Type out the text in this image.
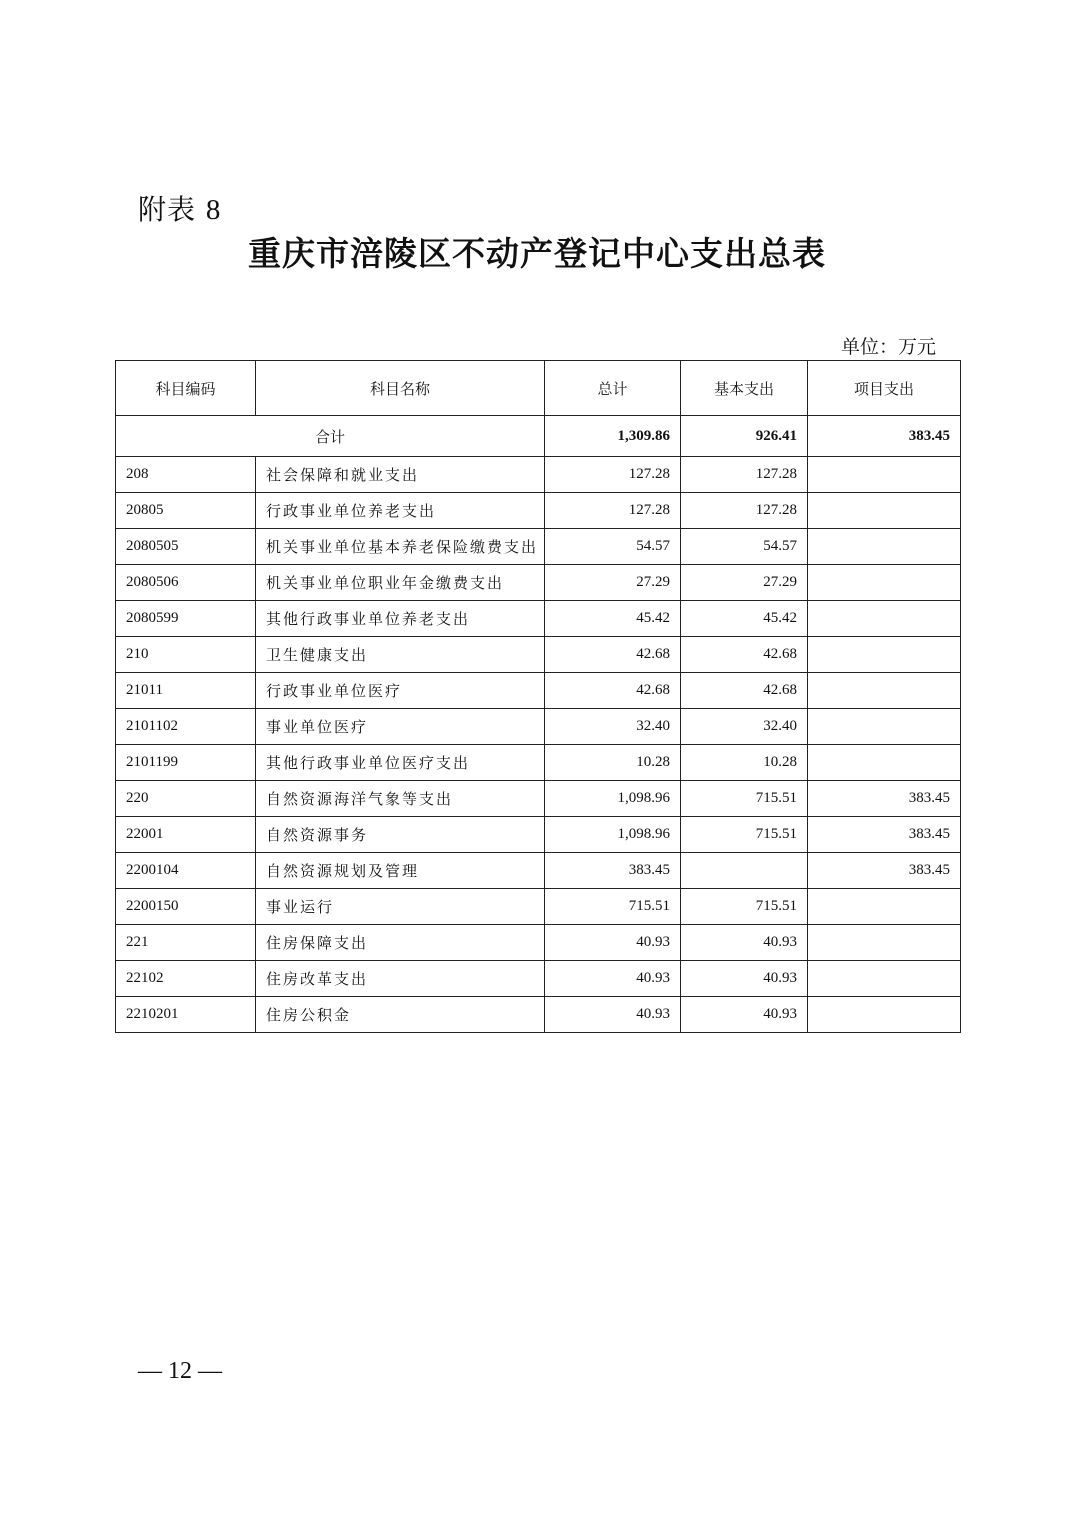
附表 8
重庆市涪陵区不动产登记中心支出总表
单位：万元
科目编码	科目名称	总计	基本支出	项目支出
合计		1,309.86	926.41	383.45
208	社会保障和就业支出	127.28	127.28	
20805	行政事业单位养老支出	127.28	127.28	
2080505	机关事业单位基本养老保险缴费支出	54.57	54.57	
2080506	机关事业单位职业年金缴费支出	27.29	27.29	
2080599	其他行政事业单位养老支出	45.42	45.42	
210	卫生健康支出	42.68	42.68	
21011	行政事业单位医疗	42.68	42.68	
2101102	事业单位医疗	32.40	32.40	
2101199	其他行政事业单位医疗支出	10.28	10.28	
220	自然资源海洋气象等支出	1,098.96	715.51	383.45
22001	自然资源事务	1,098.96	715.51	383.45
2200104	自然资源规划及管理	383.45		383.45
2200150	事业运行	715.51	715.51	
221	住房保障支出	40.93	40.93	
22102	住房改革支出	40.93	40.93	
2210201	住房公积金	40.93	40.93	
— 12 —
